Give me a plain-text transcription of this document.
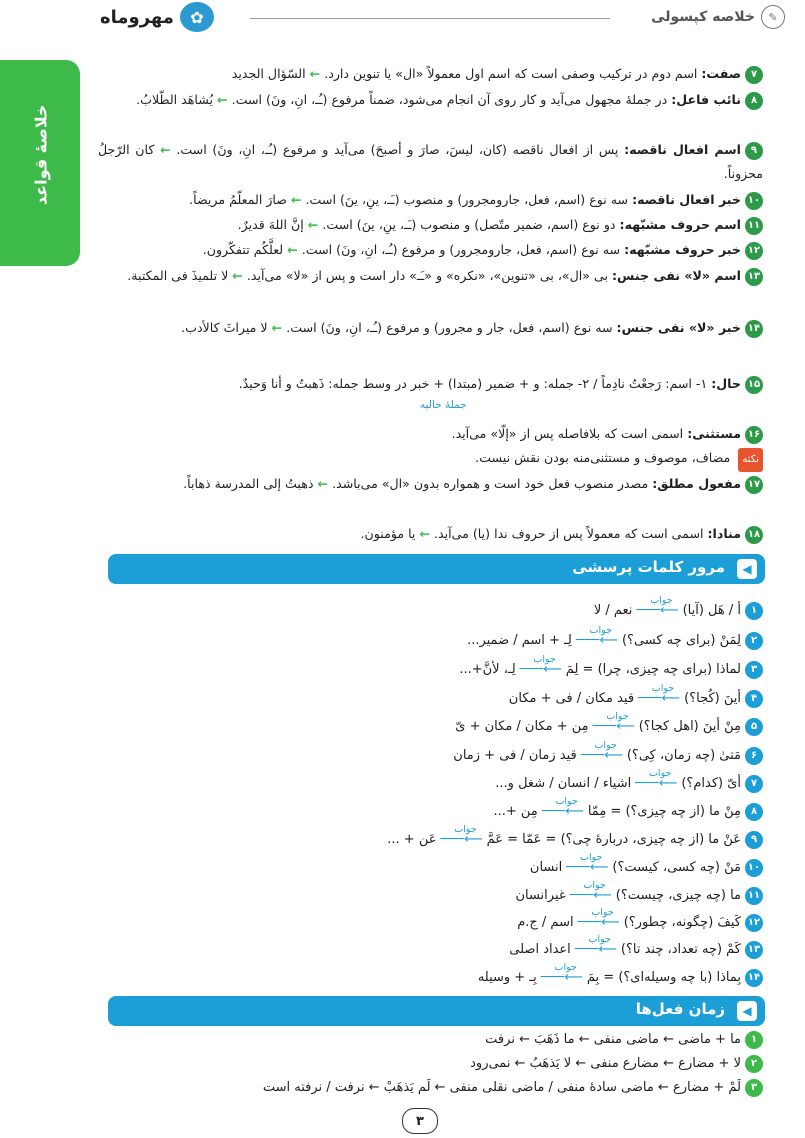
✎
خلاصه کپسولی
✿
مهروماه
خلاصهٔ قواعد
۷صفت: اسم دوم در ترکیب وصفی است که اسم اول معمولاً «ال» یا تنوین دارد. ← السّؤال الجدید
۸نائب فاعل: در جملهٔ مجهول می‌آید و کار روی آن انجام می‌شود، ضمناً مرفوع (ـُـ، انِ، ونَ) است. ← یُشاهَد الطّلابُ.
۹اسم افعال ناقصه: پس از افعال ناقصه (کان، لیسَ، صارَ و أصبحَ) می‌آید و مرفوع (ـُـ، انِ، ونَ) است. ← کان الرّجلُ محزوناً.
۱۰خبر افعال ناقصه: سه نوع (اسم، فعل، جارومجرور) و منصوب (ـَـ، ینِ، ینَ) است. ← صارَ المعلّمُ مریضاً.
۱۱اسم حروف مشبّهه: دو نوع (اسم، ضمیر متّصل) و منصوب (ـَـ، ینِ، ینَ) است. ← إنَّ اللهَ قدیرٌ.
۱۲خبر حروف مشبّهه: سه نوع (اسم، فعل، جارومجرور) و مرفوع (ـُـ، انِ، ونَ) است. ← لعلَّکُم تتفکّرون.
۱۳اسم «لا» نفی جنس: بی «ال»، بی «تنوین»، «نکره» و «ـَـ» دار است و پس از «لا» می‌آید. ← لا تلمیذَ فی المکتبة.
۱۴خبر «لا» نفی جنس: سه نوع (اسم، فعل، جار و مجرور) و مرفوع (ـُـ، انِ، ونَ) است. ← لا میراثَ کالأدب.
۱۵حال: ۱- اسم: رَجعْتُ نادِماً / ۲- جمله: و + ضمیر (مبتدا) + خبر در وسط جمله: ذَهبتُ و أنا وَحیدٌ.
جملهٔ حالیه
۱۶مستثنی: اسمی است که بلافاصله پس از «إلّا» می‌آید.
نکته مضاف، موصوف و مستثنی‌منه بودن نقش نیست.
۱۷مفعول مطلق: مصدر منصوب فعل خود است و همواره بدون «ال» می‌باشد. ← ذهبتُ إلی المدرسة ذهاباً.
۱۸منادا: اسمی است که معمولاً پس از حروف ندا (یا) می‌آید. ← یا مؤمنون.
◀
مرور کلمات پرسشی
۱أ / هَل (آیا)
جواب
⟵───نعم / لا
۲لِمَنْ (برای چه کسی؟)
جواب
⟵───لِـ + اسم / ضمیر...
۳لماذا (برای چه چیزی، چرا) = لِمَ
جواب
⟵───لِـ، لأنَّ+...
۴أینَ (کُجا؟)
جواب
⟵───قید مکان / فی + مکان
۵مِنْ أینَ (اهل کجا؟)
جواب
⟵───مِن + مکان / مکان + یّ
۶مَتیٰ (چه زمان، کِی؟)
جواب
⟵───قید زمان / فی + زمان
۷أیّ (کدام؟)
جواب
⟵───اشیاء / انسان / شغل و...
۸مِنْ ما (از چه چیزی؟) = مِمّا
جواب
⟵───مِن +...
۹عَنْ ما (از چه چیزی، دربارهٔ چی؟) = عَمّا = عَمَّ
جواب
⟵───عَن + ...
۱۰مَنْ (چه کسی، کیست؟)
جواب
⟵───انسان
۱۱ما (چه چیزی، چیست؟)
جواب
⟵───غیرانسان
۱۲کَیفَ (چگونه، چطور؟)
جواب
⟵───اسم / ج.م
۱۳کَمْ (چه تعداد، چند تا؟)
جواب
⟵───اعداد اصلی
۱۴بِماذا (با چه وسیله‌ای؟) = بِمَ
جواب
⟵───بِـ + وسیله
◀
زمان فعل‌ها
۱ما + ماضی ← ماضی منفی ← ما ذَهَبَ ← نرفت
۲لا + مضارع ← مضارع منفی ← لا یَذهَبُ ← نمی‌رود
۳لَمْ + مضارع ← ماضی سادهٔ منفی / ماضی نقلی منفی ← لَم یَذهَبْ ← نرفت / نرفته است
۳
